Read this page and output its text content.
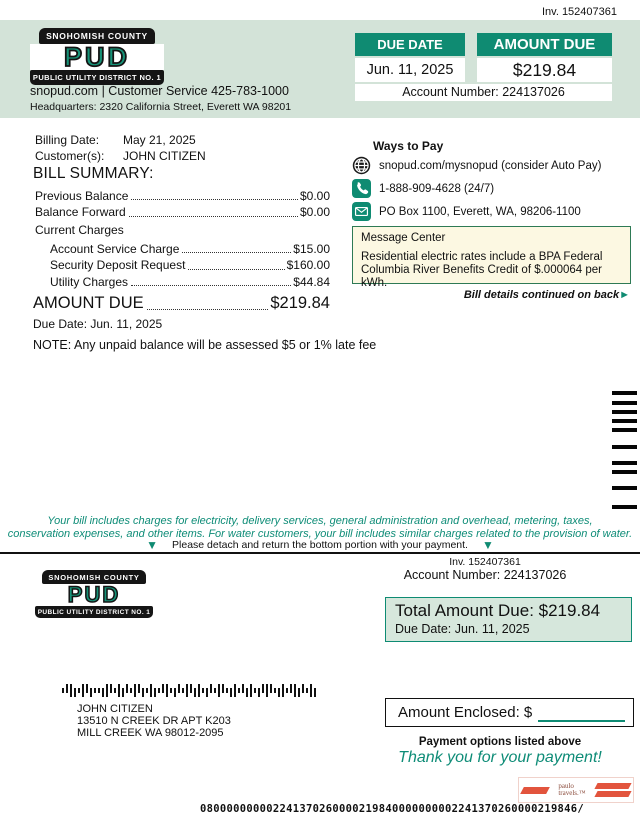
Inv. 152407361
SNOHOMISH COUNTY
PUD
PUBLIC UTILITY DISTRICT NO. 1
snopud.com | Customer Service 425-783-1000
Headquarters: 2320 California Street, Everett WA 98201
DUE DATE
Jun. 11, 2025
AMOUNT DUE
$219.84
Account Number: 224137026
Billing Date:	May 21, 2025
Customer(s):	JOHN CITIZEN
BILL SUMMARY:
Previous Balance	$0.00
Balance Forward	$0.00
Current Charges
Account Service Charge	$15.00
Security Deposit Request	$160.00
Utility Charges	$44.84
AMOUNT DUE	$219.84
Due Date: Jun. 11, 2025
NOTE: Any unpaid balance will be assessed $5 or 1% late fee
Ways to Pay
snopud.com/mysnopud (consider Auto Pay)
1-888-909-4628 (24/7)
PO Box 1100, Everett, WA, 98206-1100
Message Center
Residential electric rates include a BPA Federal Columbia River Benefits Credit of $.000064 per kWh.
Bill details continued on back►
Your bill includes charges for electricity, delivery services, general administration and overhead, metering, taxes,
conservation expenses, and other items. For water customers, your bill includes similar charges related to the provision of water.
▼ Please detach and return the bottom portion with your payment. ▼
Inv. 152407361
Account Number: 224137026
SNOHOMISH COUNTY
PUD
PUBLIC UTILITY DISTRICT NO. 1	Total Amount Due: $219.84
Due Date: Jun. 11, 2025
JOHN CITIZEN
13510 N CREEK DR APT K203
MILL CREEK WA 98012-2095
Amount Enclosed: $
Payment options listed above
Thank you for your payment!
paulo
travels.™
080000000002241370260000219840000000002241370260000219846/
